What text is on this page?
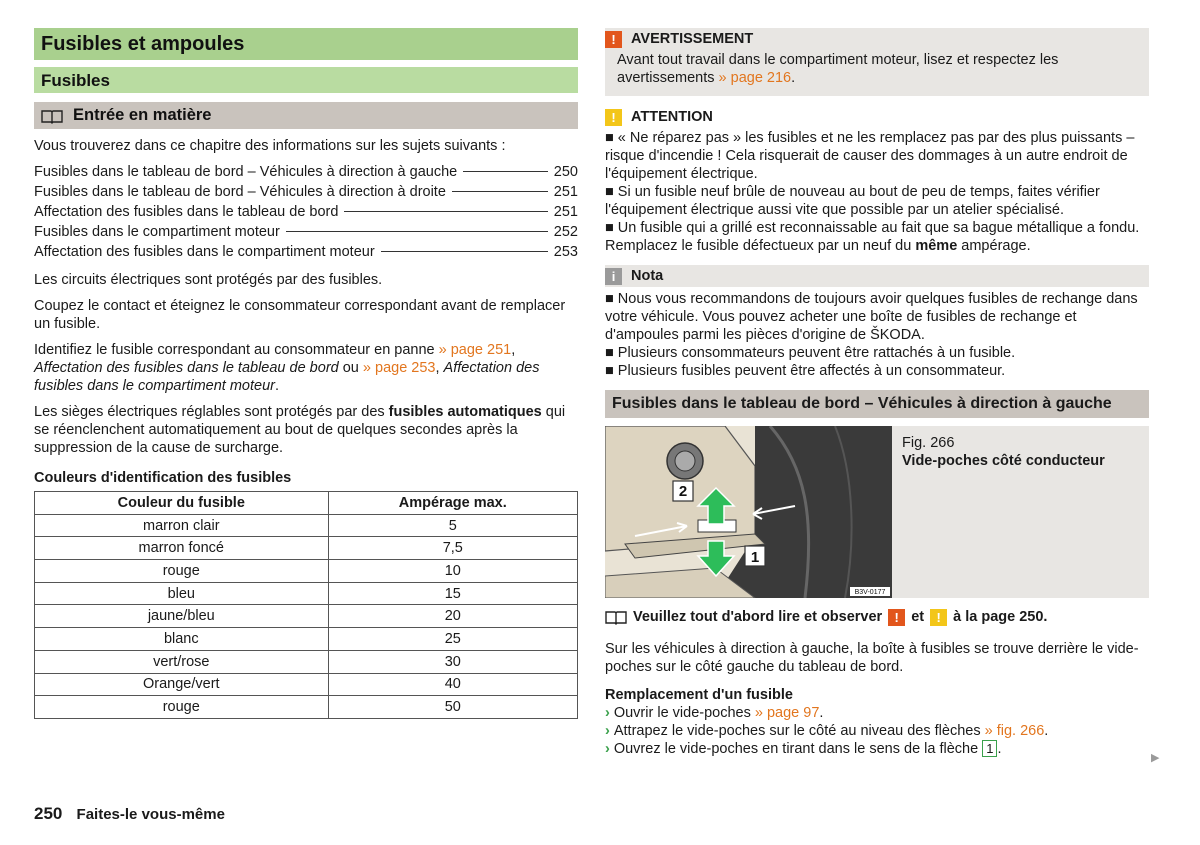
Fusibles et ampoules
Fusibles
Entrée en matière

Vous trouverez dans ce chapitre des informations sur les sujets suivants :

Fusibles dans le tableau de bord – Véhicules à direction à gauche	250
Fusibles dans le tableau de bord – Véhicules à direction à droite	251
Affectation des fusibles dans le tableau de bord	251
Fusibles dans le compartiment moteur	252
Affectation des fusibles dans le compartiment moteur	253

Les circuits électriques sont protégés par des fusibles.

Coupez le contact et éteignez le consommateur correspondant avant de remplacer un fusible.

Identifiez le fusible correspondant au consommateur en panne » page 251, Affectation des fusibles dans le tableau de bord ou » page 253, Affectation des fusibles dans le compartiment moteur.

Les sièges électriques réglables sont protégés par des fusibles automatiques qui se réenclenchent automatiquement au bout de quelques secondes après la suppression de la cause de surcharge.

Couleurs d'identification des fusibles
Couleur du fusible	Ampérage max.
marron clair	5
marron foncé	7,5
rouge	10
bleu	15
jaune/bleu	20
blanc	25
vert/rose	30
Orange/vert	40
rouge	50
!	AVERTISSEMENT
Avant tout travail dans le compartiment moteur, lisez et respectez les avertissements » page 216.
!	ATTENTION
■ « Ne réparez pas » les fusibles et ne les remplacez pas par des plus puissants – risque d'incendie ! Cela risquerait de causer des dommages à un autre endroit de l'équipement électrique.
■ Si un fusible neuf brûle de nouveau au bout de peu de temps, faites vérifier l'équipement électrique aussi vite que possible par un atelier spécialisé.
■ Un fusible qui a grillé est reconnaissable au fait que sa bague métallique a fondu. Remplacez le fusible défectueux par un neuf du même ampérage.
i	Nota
■ Nous vous recommandons de toujours avoir quelques fusibles de rechange dans votre véhicule. Vous pouvez acheter une boîte de fusibles de rechange et d'ampoules parmi les pièces d'origine de ŠKODA.
■ Plusieurs consommateurs peuvent être rattachés à un fusible.
■ Plusieurs fusibles peuvent être affectés à un consommateur.
Fusibles dans le tableau de bord – Véhicules à direction à gauche
2
1
B3V-0177
Fig. 266
Vide-poches côté conducteur
Veuillez tout d'abord lire et observer ! et ! à la page 250.

Sur les véhicules à direction à gauche, la boîte à fusibles se trouve derrière le vide-poches sur le côté gauche du tableau de bord.

Remplacement d'un fusible
› Ouvrir le vide-poches » page 97.
› Attrapez le vide-poches sur le côté au niveau des flèches » fig. 266.
› Ouvrez le vide-poches en tirant dans le sens de la flèche 1 .
▶
250 Faites-le vous-même
